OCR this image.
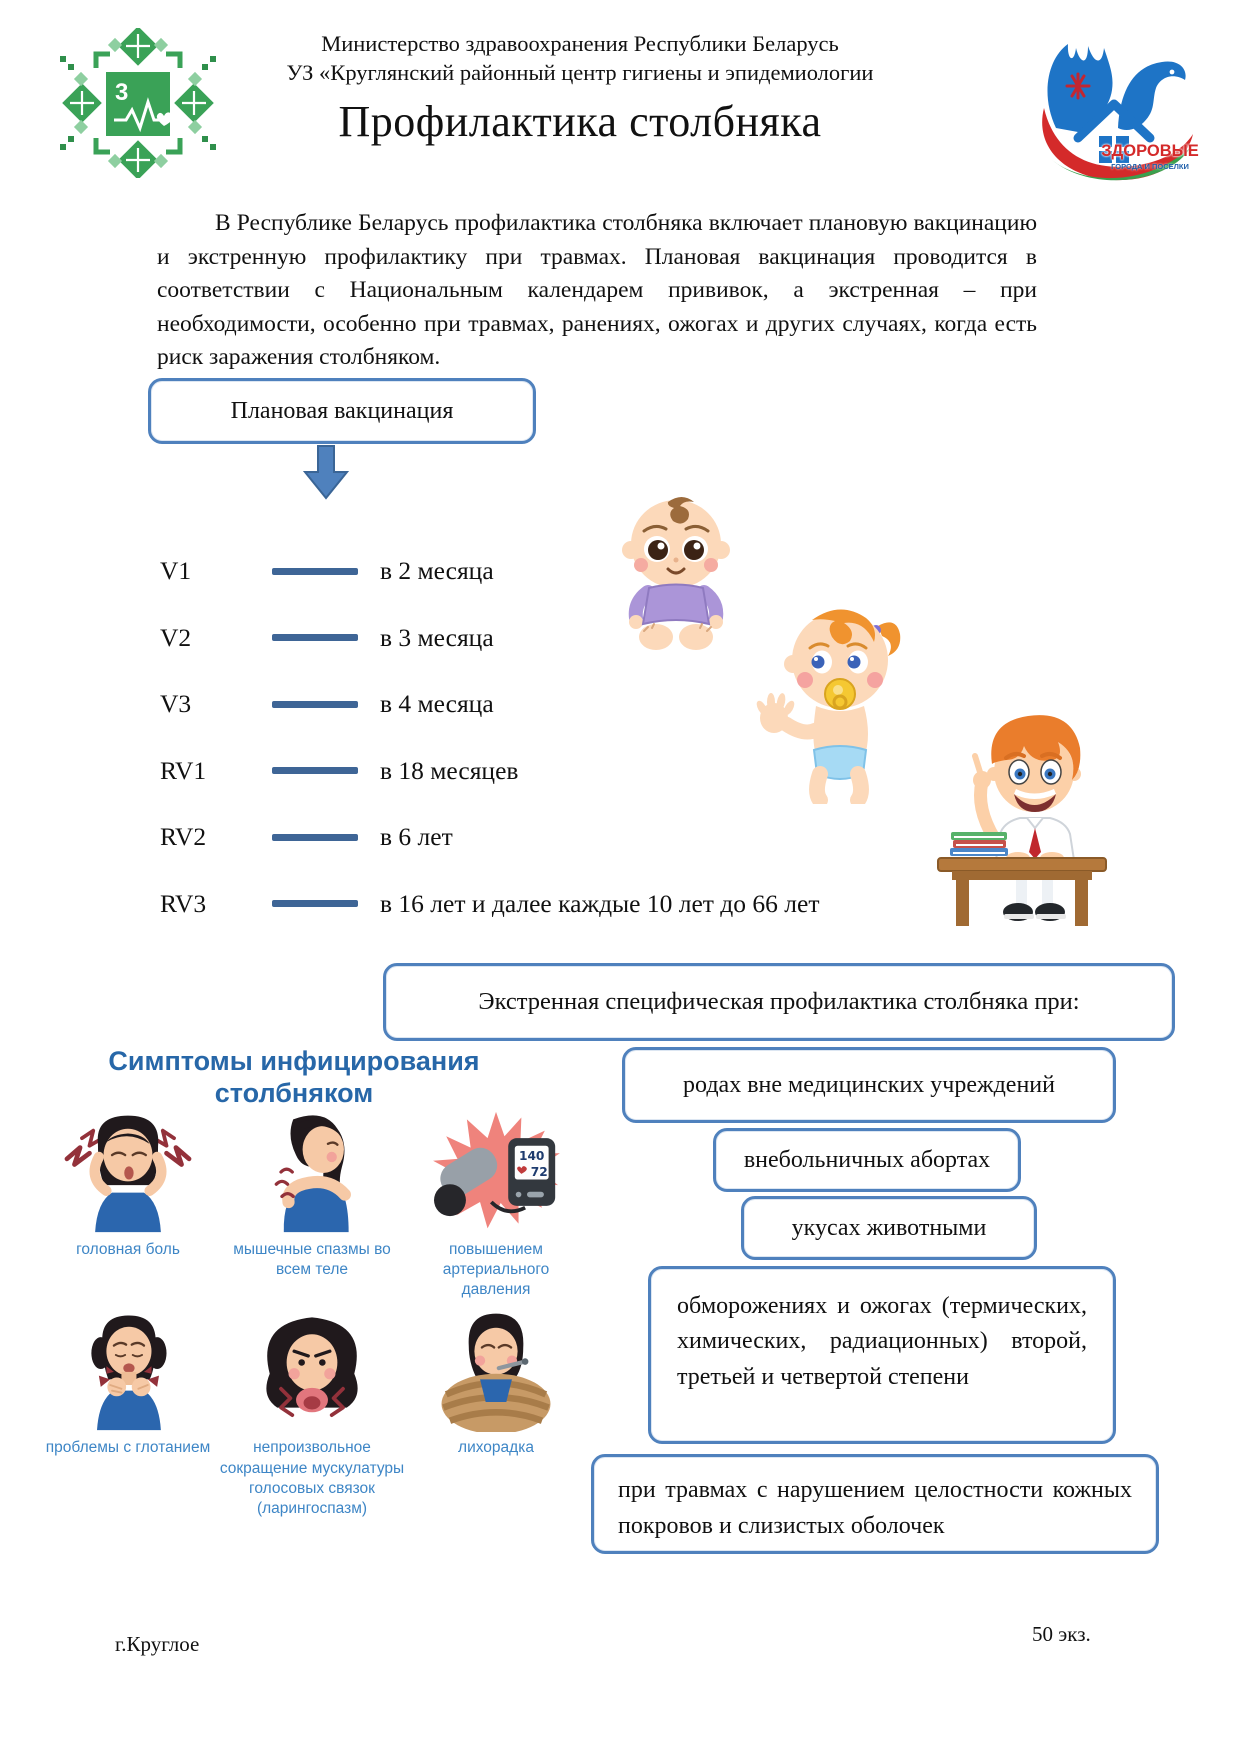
3
Министерство здравоохранения Республики Беларусь
УЗ «Круглянский районный центр гигиены и эпидемиологии
Профилактика столбняка
ЗДОРОВЫЕ
ГОРОДА И ПОСЕЛКИ
В Республике Беларусь профилактика столбняка включает плановую вакцинацию и экстренную профилактику при травмах. Плановая вакцинация проводится в соответствии с Национальным календарем прививок, а экстренная – при необходимости, особенно при травмах, ранениях, ожогах и других случаях, когда есть риск заражения столбняком.
Плановая вакцинация
V1	в 2 месяца
V2	в 3 месяца
V3	в 4 месяца
RV1	в 18 месяцев
RV2	в 6 лет
RV3	в 16 лет и далее каждые 10 лет до 66 лет
Экстренная специфическая профилактика столбняка при:
родах вне медицинских учреждений
внебольничных абортах
укусах животными
обморожениях и ожогах (термических, химических, радиационных) второй, третьей и четвертой степени
при травмах с нарушением целостности кожных покровов и слизистых оболочек
Симптомы инфицирования столбняком
головная боль	мышечные спазмы во всем теле
140
72
повышением артериального давления
проблемы с глотанием	непроизвольное сокращение мускулатуры голосовых связок (ларингоспазм)
лихорадка
г.Круглое	50 экз.
